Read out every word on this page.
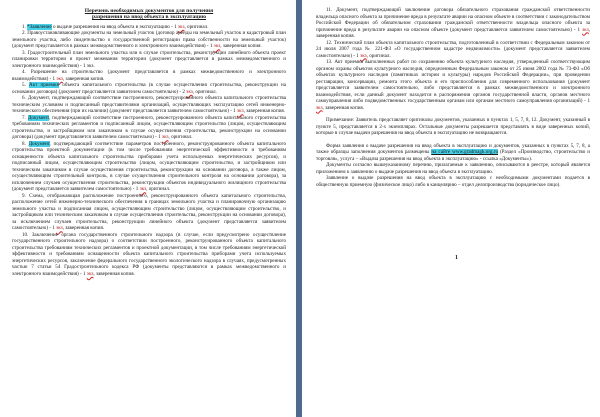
Перечень необходимых документов для получения
разрешения на ввод объекта в эксплуатацию

1. *Заявление о выдаче разрешения на ввод объекта в эксплуатацию - 1 экз, оригинал.

2. Правоустанавливающие документы на земельный участок (договор аренды на земельный участок и кадастровый план земельного участка, либо свидетельство о государственной регистрации права собственности на земельный участок) (документ представляется в рамках межведомственного и электронного взаимодействия) - 1 экз, заверенная копия.

3. Градостроительный план земельного участка или в случае строительства, реконструкции линейного объекта проект планировки территории и проект межевания территории (документ представляется в рамках межведомственного и электронного взаимодействия) - 1 экз.

4. Разрешение на строительство (документ представляется в рамках межведомственного и электронного взаимодействия) - 1 экз, заверенная копия.

5. Акт приемки объекта капитального строительства (в случае осуществления строительства, реконструкции на основании договора) (документ представляется заявителем самостоятельно) - 2 экз, оригинал.

6. Документ, подтверждающий соответствие построенного, реконструированного объекта капитального строительства техническим условиям и подписанный представителями организаций, осуществляющих эксплуатацию сетей инженерно-технического обеспечения (при их наличии) (документ представляется заявителем самостоятельно) - 1 экз, заверенная копия.

7. Документ, подтверждающий соответствие построенного, реконструированного объекта капитального строительства требованиям технических регламентов и подписанный лицом, осуществляющим строительство (лицом, осуществляющим строительство, и застройщиком или заказчиком в случае осуществления строительства, реконструкции на основании договора) (документ представляется заявителем самостоятельно) - 1 экз, оригинал.

8. Документ, подтверждающий соответствие параметров построенного, реконструированного объекта капитального строительства проектной документации (в том числе требованиям энергетической эффективности и требованиям оснащенности объекта капитального строительства приборами учета используемых энергетических ресурсов), и подписанный лицом, осуществляющим строительство (лицом, осуществляющим строительство, и застройщиком или техническим заказчиком в случае осуществления строительства, реконструкции на основании договора, а также лицом, осуществляющим строительный контроль, в случае осуществления строительного контроля на основании договора), за исключением случаев осуществления строительства, реконструкции объектов индивидуального жилищного строительства (документ представляется заявителем самостоятельно) - 1 экз, оригинал.

9. Схема, отображающая расположение построенного, реконструированного объекта капитального строительства, расположение сетей инженерно-технического обеспечения в границах земельного участка и планировочную организацию земельного участка и подписанная лицом, осуществляющим строительство (лицом, осуществляющим строительство, и застройщиком или техническим заказчиком в случае осуществления строительства, реконструкции на основании договора), за исключением случаев строительства, реконструкции линейного объекта (документ представляется заявителем самостоятельно) - 1 экз, заверенная копия.

10. Заключение органа государственного строительного надзора (в случае, если предусмотрено осуществление государственного строительного надзора) о соответствии построенного, реконструированного объекта капитального строительства требованиям технических регламентов и проектной документации, в том числе требованиям энергетической эффективности и требованиям оснащенности объекта капитального строительства приборами учета используемых энергетических ресурсов, заключение федерального государственного экологического надзора в случаях, предусмотренных частью 7 статьи 54 Градостроительного кодекса РФ (документы представляются в рамках межведомственного и электронного взаимодействия) - 1 экз, заверенная копия.

11. Документ, подтверждающий заключение договора обязательного страхования гражданской ответственности владельца опасного объекта за причинение вреда в результате аварии на опасном объекте в соответствии с законодательством Российской Федерации об обязательном страховании гражданской ответственности владельца опасного объекта за причинение вреда в результате аварии на опасном объекте (документ представляется заявителем самостоятельно) - 1 экз, заверенная копия.

12. Технический план объекта капитального строительства, подготовленный в соответствии с Федеральным законом от 24 июля 2007 года № 221-ФЗ «О государственном кадастре недвижимости» (документ представляется заявителем самостоятельно) - 1 экз, оригинал.

13. Акт приемки выполненных работ по сохранению объекта культурного наследия, утвержденный соответствующим органом охраны объектов культурного наследия, определенным Федеральным законом от 25 июня 2002 года № 73-ФЗ «Об объектах культурного наследия (памятниках истории и культуры) народов Российской Федерации», при проведении реставрации, консервации, ремонта этого объекта и его приспособления для современного использования (документ представляется заявителем самостоятельно, либо представляется в рамках межведомственного и электронного взаимодействия, если данный документ находится в распоряжении органов государственной власти, органов местного самоуправления либо подведомственных государственным органам или органам местного самоуправления организаций) - 1 экз, заверенная копия.

Примечание: Заявитель представляет оригиналы документов, указанных в пунктах 1, 5, 7, 8, 12. Документ, указанный в пункте 5, представляется в 2-х экземплярах. Остальные документы разрешается представлять в виде заверенных копий, которые в случае выдачи разрешения на ввод объекта в эксплуатацию не возвращаются.

Форма заявления о выдаче разрешения на ввод объекта в эксплуатацию и документов, указанных в пунктах 5, 7, 8, а также образцы заполнения документов размещены на сайте www.gradmagk.org.ru (Раздел «Производство, строительство и торговля», услуга – «Выдача разрешения на ввод объекта в эксплуатацию» - ссылка «Документы»).

Документы согласно вышеуказанному перечню, прилагаемые к заявлению, описываются в реестре, который является приложением к заявлению о выдаче разрешения на ввод объекта в эксплуатацию.

Заявление о выдаче разрешения на ввод объекта в эксплуатацию с необходимыми документами подается в общественную приемную (физическое лицо) либо в канцелярию – отдел делопроизводства (юридическое лицо).

1
